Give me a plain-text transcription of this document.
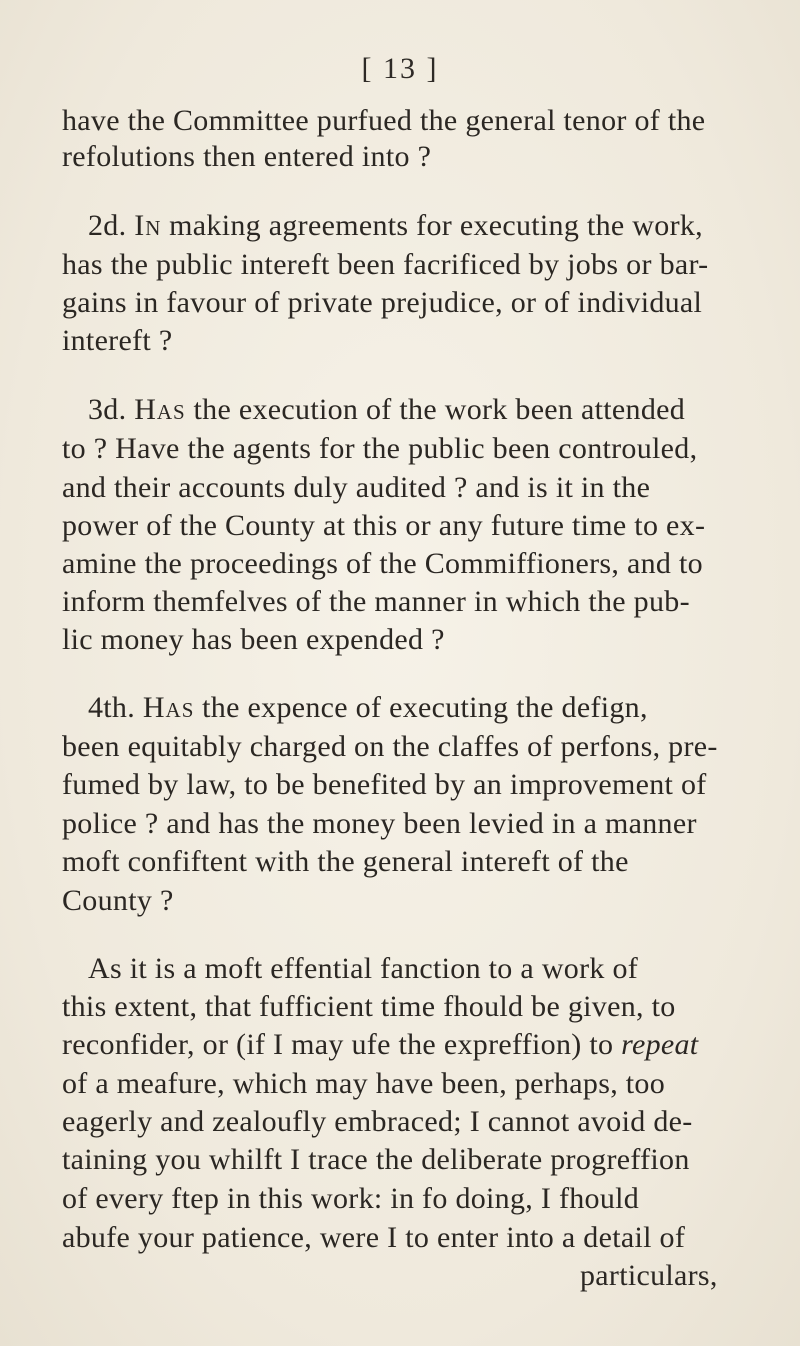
[ 13 ]
have the Committee purfued the general tenor of the
refolutions then entered into ?
2d. In making agreements for executing the work,
has the public intereft been facrificed by jobs or bar-
gains in favour of private prejudice, or of individual
intereft ?
3d. Has the execution of the work been attended
to ? Have the agents for the public been controuled,
and their accounts duly audited ? and is it in the
power of the County at this or any future time to ex-
amine the proceedings of the Commiffioners, and to
inform themfelves of the manner in which the pub-
lic money has been expended ?
4th. Has the expence of executing the defign,
been equitably charged on the claffes of perfons, pre-
fumed by law, to be benefited by an improvement of
police ? and has the money been levied in a manner
moft confiftent with the general intereft of the
County ?
As it is a moft effential fanction to a work of
this extent, that fufficient time fhould be given, to
reconfider, or (if I may ufe the expreffion) to repeat
of a meafure, which may have been, perhaps, too
eagerly and zealoufly embraced; I cannot avoid de-
taining you whilft I trace the deliberate progreffion
of every ftep in this work: in fo doing, I fhould
abufe your patience, were I to enter into a detail of
particulars,
